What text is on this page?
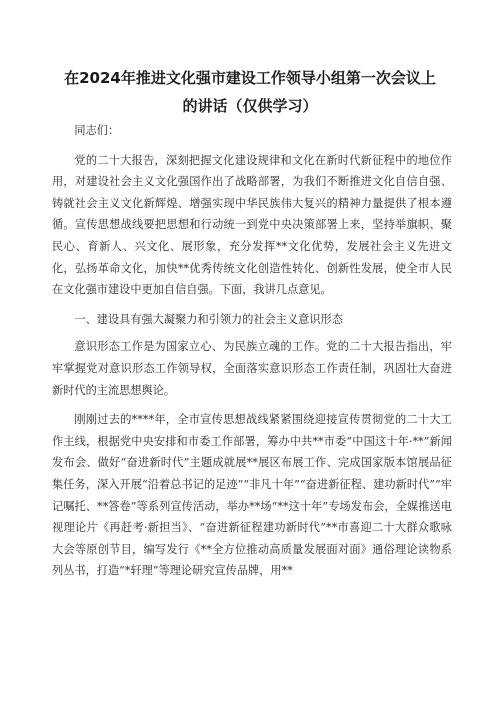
在2024年推进文化强市建设工作领导小组第一次会议上的讲话（仅供学习）

同志们：

党的二十大报告，深刻把握文化建设规律和文化在新时代新征程中的地位作用，对建设社会主义文化强国作出了战略部署，为我们不断推进文化自信自强、铸就社会主义文化新辉煌、增强实现中华民族伟大复兴的精神力量提供了根本遵循。宣传思想战线要把思想和行动统一到党中央决策部署上来，坚持举旗帜、聚民心、育新人、兴文化、展形象，充分发挥**文化优势，发展社会主义先进文化，弘扬革命文化，加快**优秀传统文化创造性转化、创新性发展，使全市人民在文化强市建设中更加自信自强。下面，我讲几点意见。

一、建设具有强大凝聚力和引领力的社会主义意识形态

意识形态工作是为国家立心、为民族立魂的工作。党的二十大报告指出，牢牢掌握党对意识形态工作领导权，全面落实意识形态工作责任制，巩固壮大奋进新时代的主流思想舆论。

刚刚过去的****年，全市宣传思想战线紧紧围绕迎接宣传贯彻党的二十大工作主线，根据党中央安排和市委工作部署，筹办中共**市委“中国这十年·**”新闻发布会、做好“奋进新时代”主题成就展**展区布展工作、完成国家版本馆展品征集任务，深入开展“沿着总书记的足迹”“非凡十年”“奋进新征程、建功新时代”“牢记嘱托、**答卷”等系列宣传活动，举办**场“**这十年”专场发布会，全媒推送电视理论片《再赶考·新担当》、“奋进新征程建功新时代”**市喜迎二十大群众歌咏大会等原创节目，编写发行《**全方位推动高质量发展面对面》通俗理论读物系列丛书，打造“*轩理”等理论研究宣传品牌，用**
